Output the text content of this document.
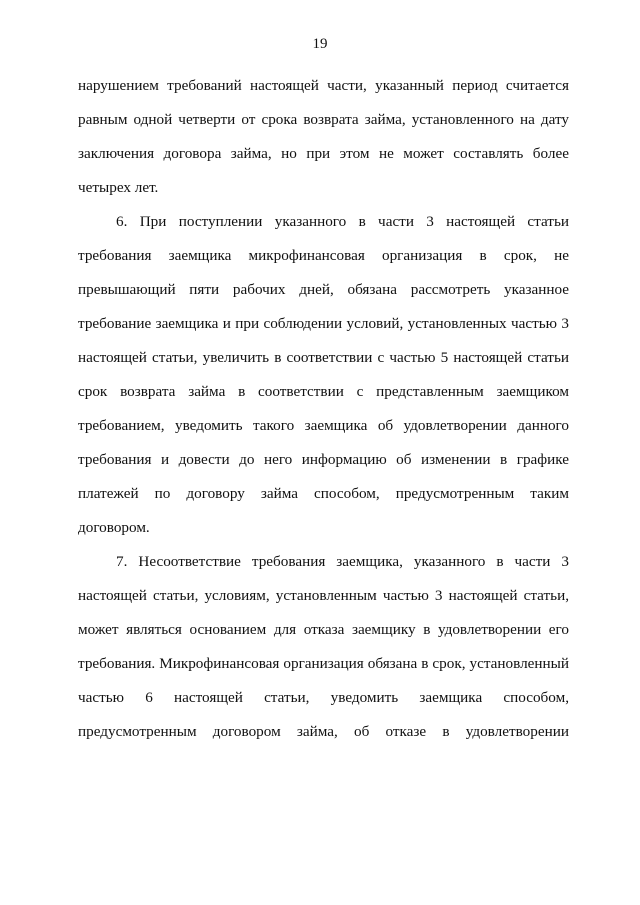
19
нарушением требований настоящей части, указанный период считается
равным одной четверти от срока возврата займа, установленного на дату
заключения договора займа, но при этом не может составлять более
четырех лет.
6. При поступлении указанного в части 3 настоящей статьи
требования заемщика микрофинансовая организация в срок, не
превышающий пяти рабочих дней, обязана рассмотреть указанное
требование заемщика и при соблюдении условий, установленных частью 3
настоящей статьи, увеличить в соответствии с частью 5 настоящей статьи
срок возврата займа в соответствии с представленным заемщиком
требованием, уведомить такого заемщика об удовлетворении данного
требования и довести до него информацию об изменении в графике
платежей по договору займа способом, предусмотренным таким
договором.
7. Несоответствие требования заемщика, указанного в части 3
настоящей статьи, условиям, установленным частью 3 настоящей статьи,
может являться основанием для отказа заемщику в удовлетворении его
требования. Микрофинансовая организация обязана в срок, установленный
частью 6 настоящей статьи, уведомить заемщика способом,
предусмотренным договором займа, об отказе в удовлетворении
